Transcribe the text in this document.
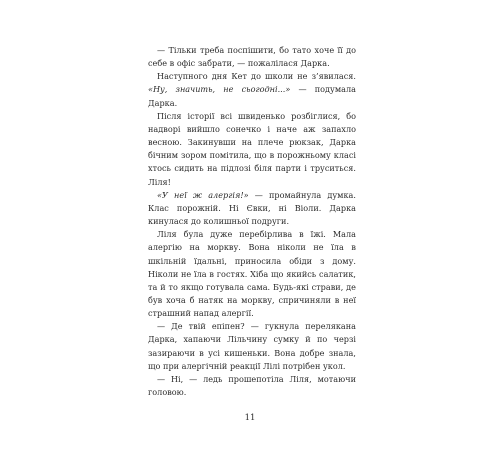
— Тільки треба поспішити, бо тато хоче її до себе в офіс забрати, — пожалілася Дарка.

Наступного дня Кет до школи не з’явилася. «Ну, значить, не сьогодні...» — подумала Дарка.

Після історії всі швиденько розбіглися, бо надворі вийшло сонечко і наче аж запахло весною. Закинувши на плече рюкзак, Дарка бічним зором помітила, що в порожньому класі хтось сидить на підлозі біля парти і труситься. Ліля!

«У неї ж алергія!» — промайнула думка. Клас порожній. Ні Євки, ні Віоли. Дарка кинулася до колишньої подруги.

Ліля була дуже перебірлива в їжі. Мала алергію на моркву. Вона ніколи не їла в шкільній їдальні, приносила обіди з дому. Ніколи не їла в гостях. Хіба що якийсь салатик, та й то якщо готувала сама. Будь-які страви, де був хоча б натяк на моркву, спричиняли в неї страшний напад алергії.

— Де твій епіпен? — гукнула перелякана Дарка, хапаючи Лільчину сумку й по черзі зазираючи в усі кишеньки. Вона добре знала, що при алергічній реакції Лілі потрібен укол.

— Ні, — ледь прошепотіла Ліля, мотаючи головою.

11
